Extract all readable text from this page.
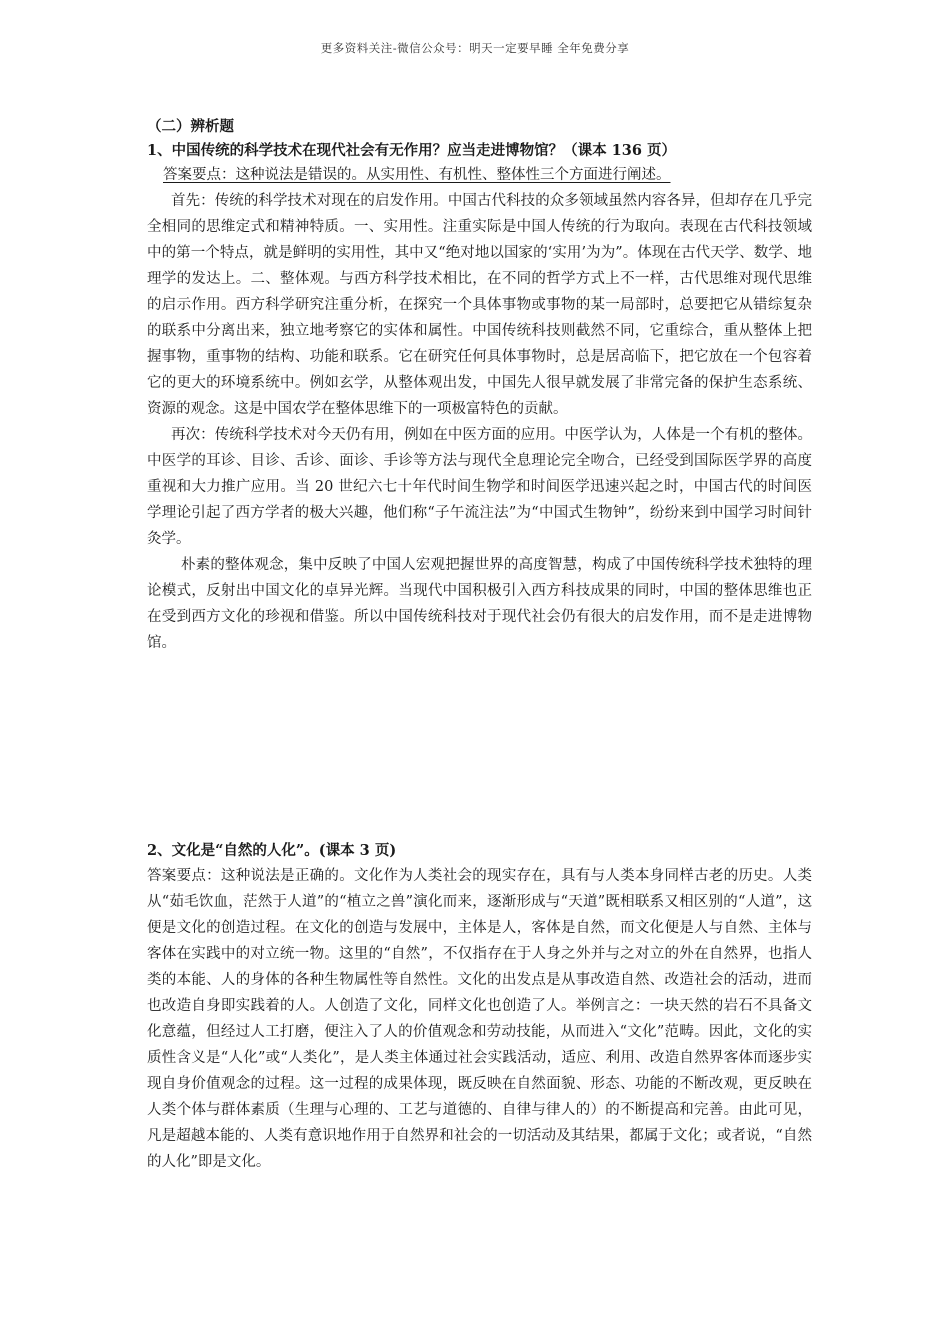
更多资料关注-微信公众号：明天一定要早睡 全年免费分享

（二）辨析题

1、中国传统的科学技术在现代社会有无作用？应当走进博物馆？（课本 136 页）

答案要点：这种说法是错误的。从实用性、有机性、整体性三个方面进行阐述。

首先：传统的科学技术对现在的启发作用。中国古代科技的众多领域虽然内容各异，但却存在几乎完全相同的思维定式和精神特质。一、实用性。注重实际是中国人传统的行为取向。表现在古代科技领域中的第一个特点，就是鲜明的实用性，其中又“绝对地以国家的‘实用’为为”。体现在古代天学、数学、地理学的发达上。二、整体观。与西方科学技术相比，在不同的哲学方式上不一样，古代思维对现代思维的启示作用。西方科学研究注重分析，在探究一个具体事物或事物的某一局部时，总要把它从错综复杂的联系中分离出来，独立地考察它的实体和属性。中国传统科技则截然不同，它重综合，重从整体上把握事物，重事物的结构、功能和联系。它在研究任何具体事物时，总是居高临下，把它放在一个包容着它的更大的环境系统中。例如玄学，从整体观出发，中国先人很早就发展了非常完备的保护生态系统、资源的观念。这是中国农学在整体思维下的一项极富特色的贡献。

再次：传统科学技术对今天仍有用，例如在中医方面的应用。中医学认为，人体是一个有机的整体。中医学的耳诊、目诊、舌诊、面诊、手诊等方法与现代全息理论完全吻合，已经受到国际医学界的高度重视和大力推广应用。当 20 世纪六七十年代时间生物学和时间医学迅速兴起之时，中国古代的时间医学理论引起了西方学者的极大兴趣，他们称“子午流注法”为“中国式生物钟”，纷纷来到中国学习时间针灸学。

朴素的整体观念，集中反映了中国人宏观把握世界的高度智慧，构成了中国传统科学技术独特的理论模式，反射出中国文化的卓异光辉。当现代中国积极引入西方科技成果的同时，中国的整体思维也正在受到西方文化的珍视和借鉴。所以中国传统科技对于现代社会仍有很大的启发作用，而不是走进博物馆。

2、文化是“自然的人化”。(课本 3 页)

答案要点：这种说法是正确的。文化作为人类社会的现实存在，具有与人类本身同样古老的历史。人类从“茹毛饮血，茫然于人道”的“植立之兽”演化而来，逐渐形成与“天道”既相联系又相区别的“人道”，这便是文化的创造过程。在文化的创造与发展中，主体是人，客体是自然，而文化便是人与自然、主体与客体在实践中的对立统一物。这里的“自然”，不仅指存在于人身之外并与之对立的外在自然界，也指人类的本能、人的身体的各种生物属性等自然性。文化的出发点是从事改造自然、改造社会的活动，进而也改造自身即实践着的人。人创造了文化，同样文化也创造了人。举例言之：一块天然的岩石不具备文化意蕴，但经过人工打磨，便注入了人的价值观念和劳动技能，从而进入“文化”范畴。因此，文化的实质性含义是“人化”或“人类化”，是人类主体通过社会实践活动，适应、利用、改造自然界客体而逐步实现自身价值观念的过程。这一过程的成果体现，既反映在自然面貌、形态、功能的不断改观，更反映在人类个体与群体素质（生理与心理的、工艺与道德的、自律与律人的）的不断提高和完善。由此可见，凡是超越本能的、人类有意识地作用于自然界和社会的一切活动及其结果，都属于文化；或者说，“自然的人化”即是文化。
